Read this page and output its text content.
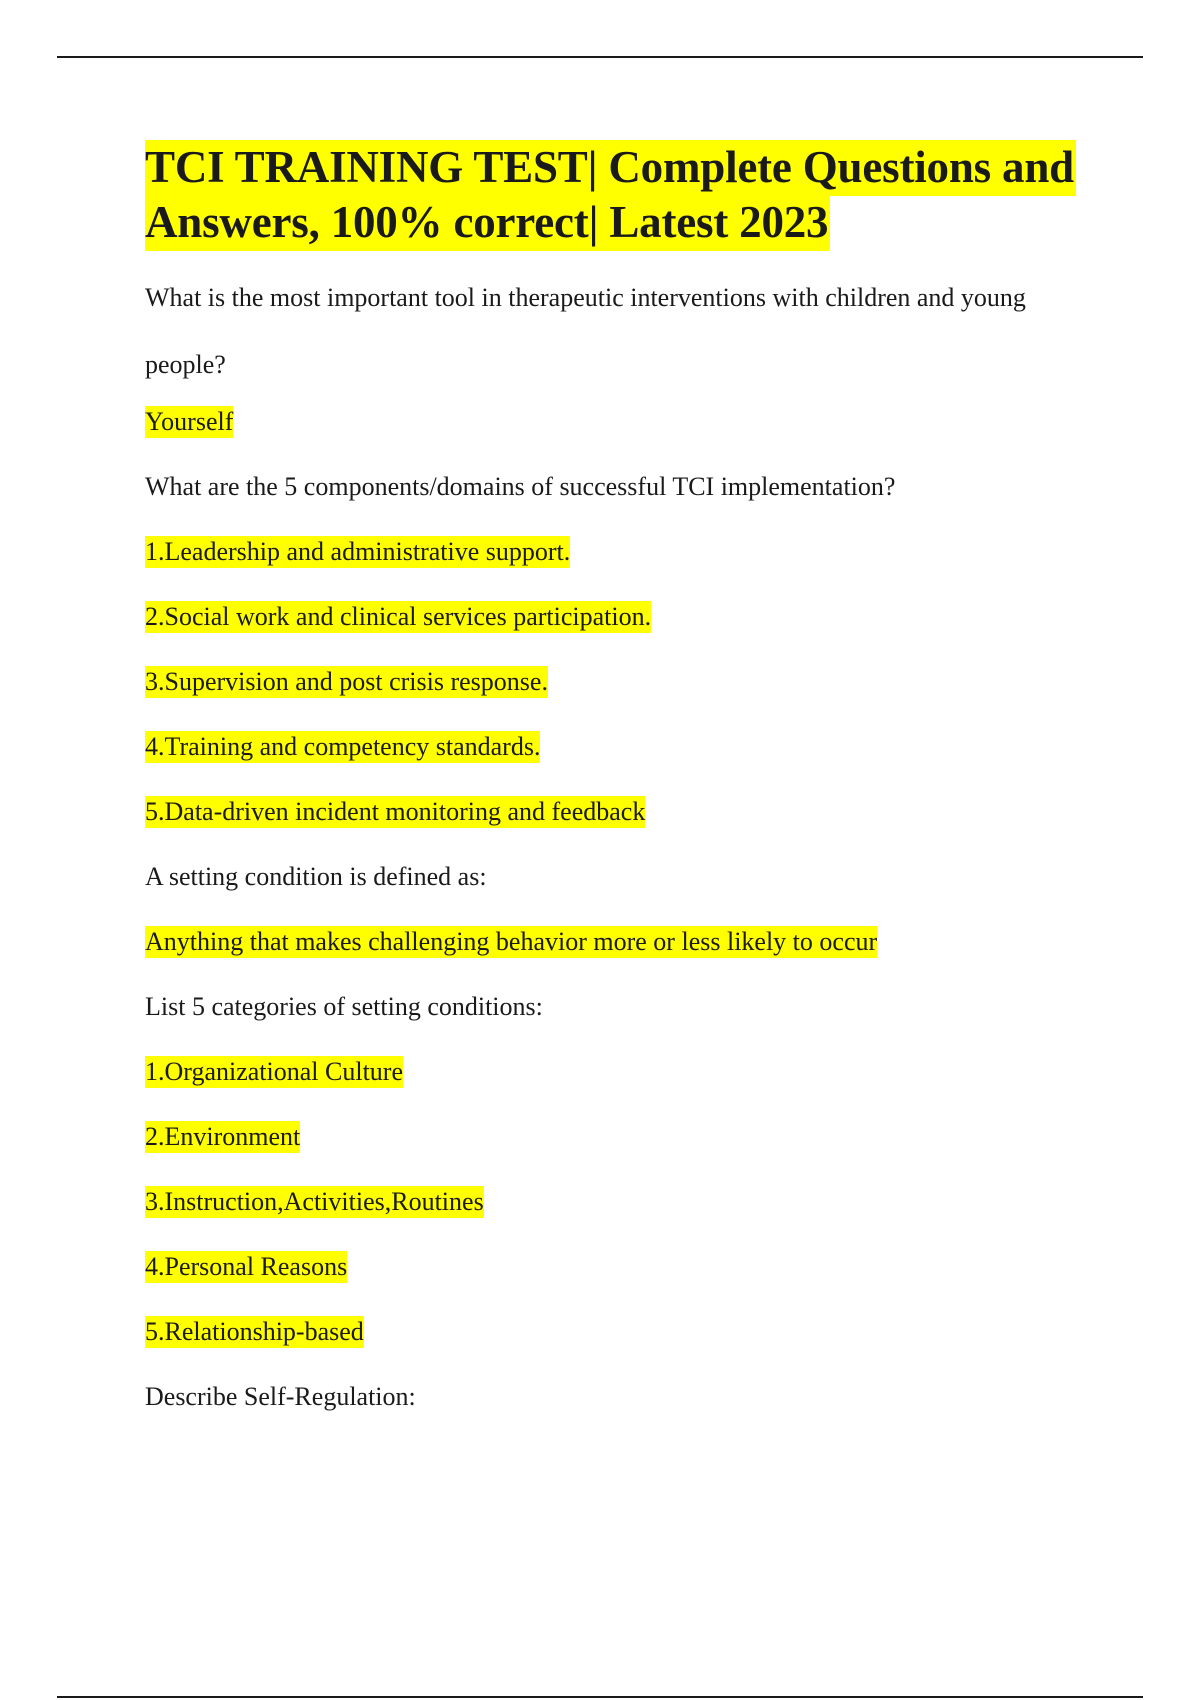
TCI TRAINING TEST| Complete Questions and Answers, 100% correct| Latest 2023
What is the most important tool in therapeutic interventions with children and young people?

Yourself

What are the 5 components/domains of successful TCI implementation?

1.Leadership and administrative support.

2.Social work and clinical services participation.

3.Supervision and post crisis response.

4.Training and competency standards.

5.Data-driven incident monitoring and feedback

A setting condition is defined as:

Anything that makes challenging behavior more or less likely to occur

List 5 categories of setting conditions:

1.Organizational Culture

2.Environment

3.Instruction,Activities,Routines

4.Personal Reasons

5.Relationship-based

Describe Self-Regulation:
